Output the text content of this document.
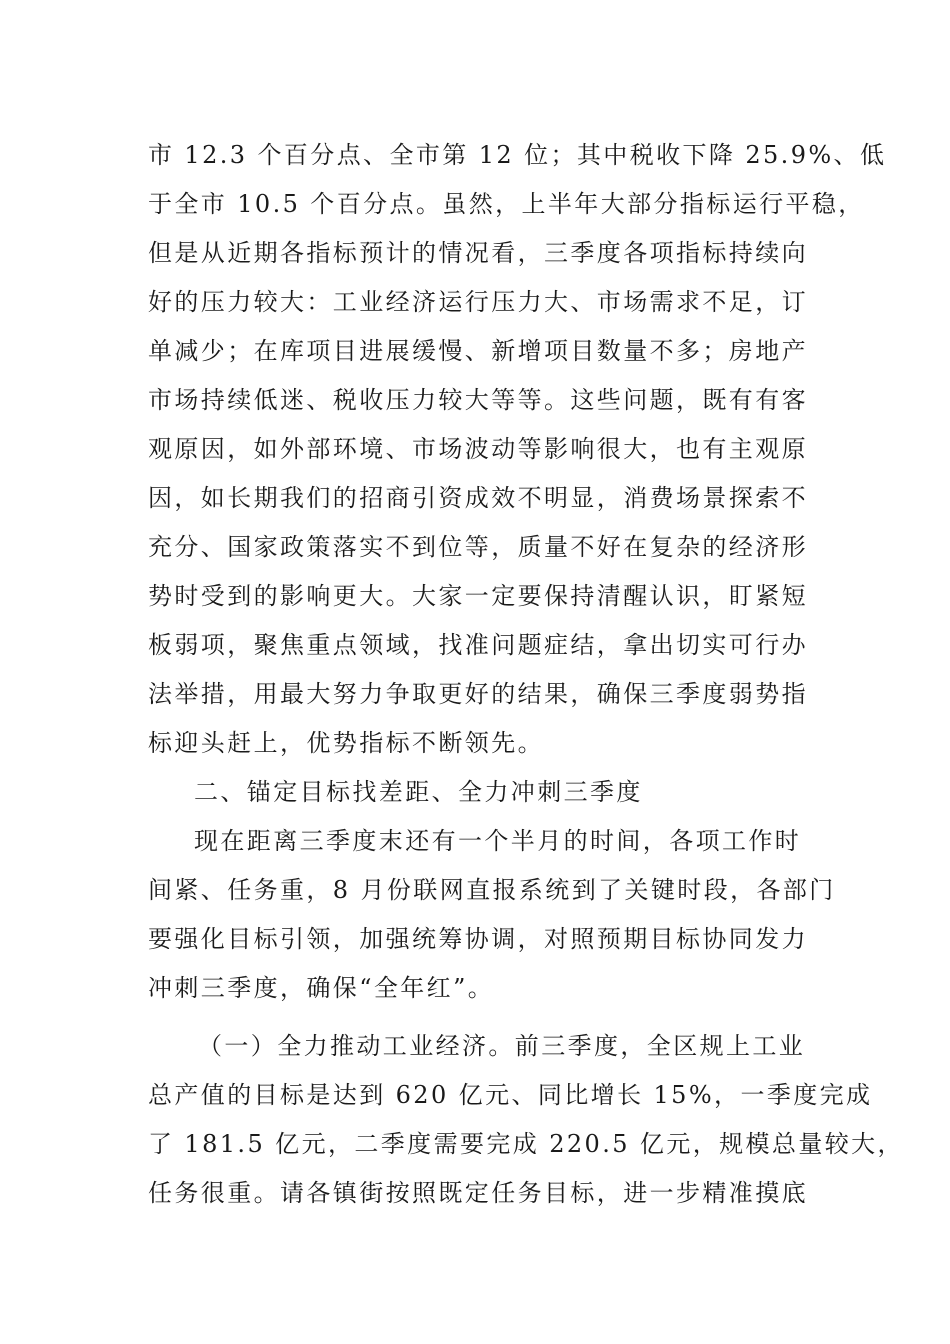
市 12.3 个百分点、全市第 12 位；其中税收下降 25.9%、低
于全市 10.5 个百分点。虽然，上半年大部分指标运行平稳，
但是从近期各指标预计的情况看，三季度各项指标持续向
好的压力较大：工业经济运行压力大、市场需求不足，订
单减少；在库项目进展缓慢、新增项目数量不多；房地产
市场持续低迷、税收压力较大等等。这些问题，既有有客
观原因，如外部环境、市场波动等影响很大，也有主观原
因，如长期我们的招商引资成效不明显，消费场景探索不
充分、国家政策落实不到位等，质量不好在复杂的经济形
势时受到的影响更大。大家一定要保持清醒认识，盯紧短
板弱项，聚焦重点领域，找准问题症结，拿出切实可行办
法举措，用最大努力争取更好的结果，确保三季度弱势指
标迎头赶上，优势指标不断领先。
二、锚定目标找差距、全力冲刺三季度
现在距离三季度末还有一个半月的时间，各项工作时
间紧、任务重，8 月份联网直报系统到了关键时段，各部门
要强化目标引领，加强统筹协调，对照预期目标协同发力
冲刺三季度，确保“全年红”。
（一）全力推动工业经济。前三季度，全区规上工业
总产值的目标是达到 620 亿元、同比增长 15%，一季度完成
了 181.5 亿元，二季度需要完成 220.5 亿元，规模总量较大，
任务很重。请各镇街按照既定任务目标，进一步精准摸底
